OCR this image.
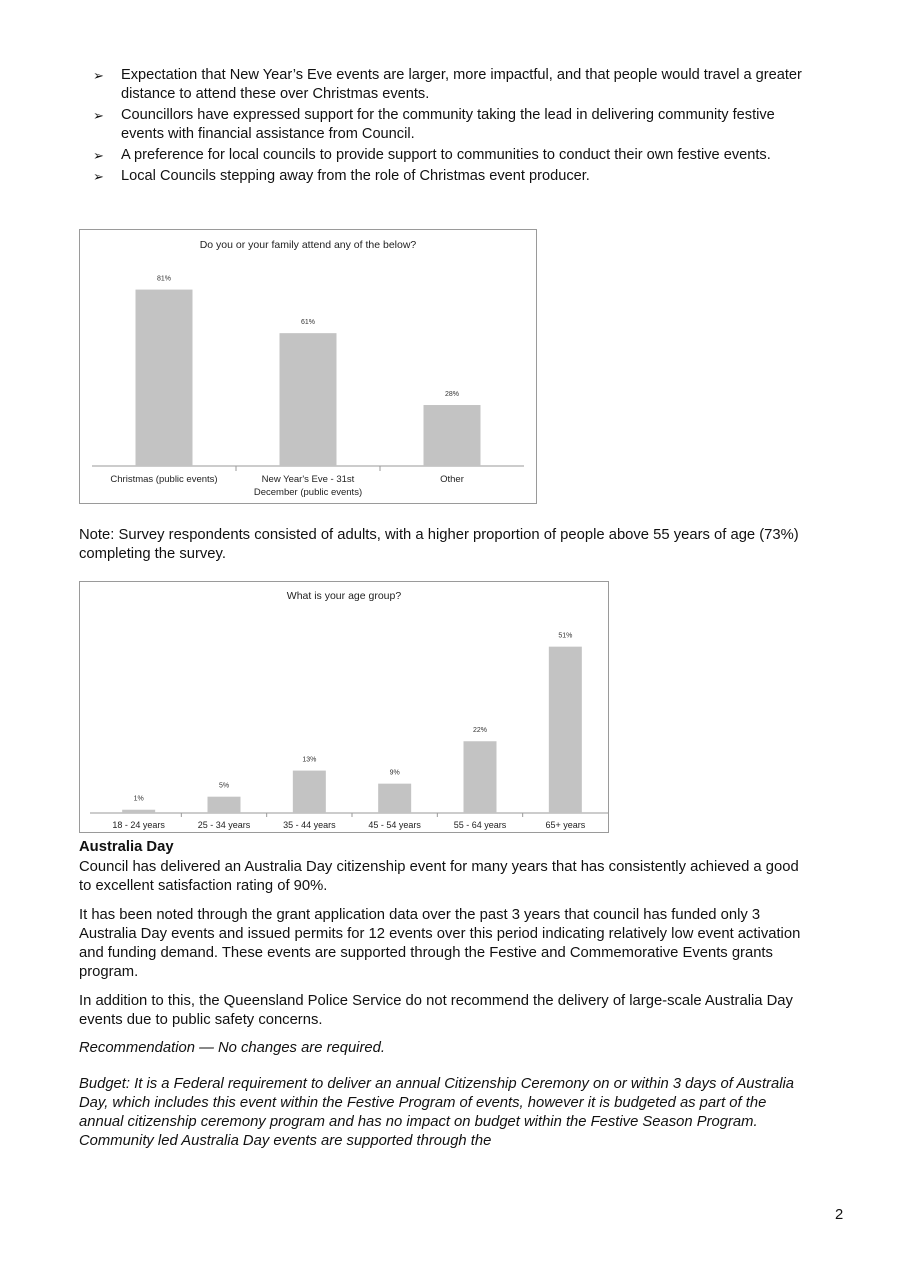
➢ Expectation that New Year’s Eve events are larger, more impactful, and that people would travel a greater distance to attend these over Christmas events.
➢ Councillors have expressed support for the community taking the lead in delivering community festive events with financial assistance from Council.
➢ A preference for local councils to provide support to communities to conduct their own festive events.
➢ Local Councils stepping away from the role of Christmas event producer.
Do you or your family attend any of the below?
81%
Christmas (public events)
61%
New Year's Eve - 31st
December (public events)
28%
Other

Note: Survey respondents consisted of adults, with a higher proportion of people above 55 years of age (73%) completing the survey.

What is your age group?
1%
18 - 24 years
5%
25 - 34 years
13%
35 - 44 years
9%
45 - 54 years
22%
55 - 64 years
51%
65+ years

Australia Day

Council has delivered an Australia Day citizenship event for many years that has consistently achieved a good to excellent satisfaction rating of 90%.

It has been noted through the grant application data over the past 3 years that council has funded only 3 Australia Day events and issued permits for 12 events over this period indicating relatively low event activation and funding demand. These events are supported through the Festive and Commemorative Events grants program.

In addition to this, the Queensland Police Service do not recommend the delivery of large-scale Australia Day events due to public safety concerns.

Recommendation — No changes are required.

Budget: It is a Federal requirement to deliver an annual Citizenship Ceremony on or within 3 days of Australia Day, which includes this event within the Festive Program of events, however it is budgeted as part of the annual citizenship ceremony program and has no impact on budget within the Festive Season Program. Community led Australia Day events are supported through the

2
